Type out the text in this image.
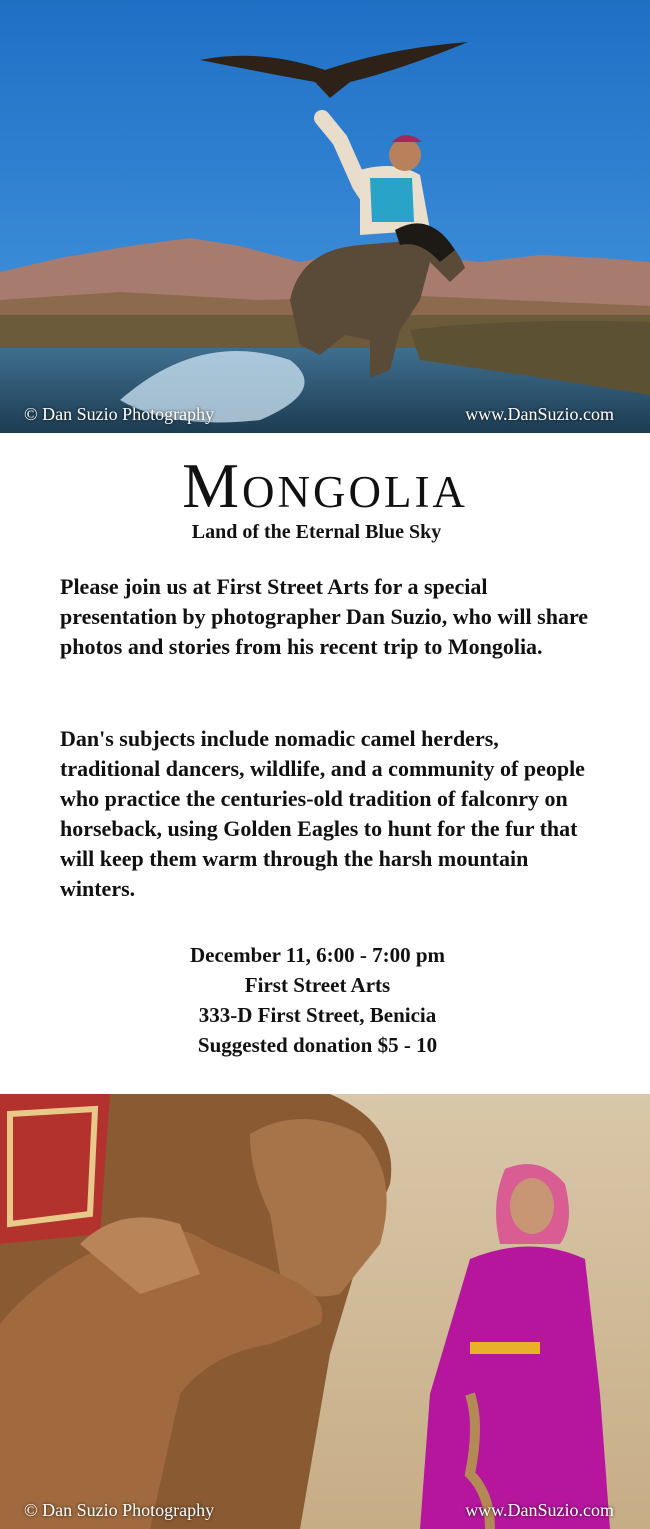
© Dan Suzio Photography	www.DanSuzio.com
Mongolia
Land of the Eternal Blue Sky

Please join us at First Street Arts for a special presentation by photographer Dan Suzio, who will share photos and stories from his recent trip to Mongolia.

Dan's subjects include nomadic camel herders, traditional dancers, wildlife, and a community of people who practice the centuries-old tradition of falconry on horseback, using Golden Eagles to hunt for the fur that will keep them warm through the harsh mountain winters.

December 11, 6:00 - 7:00 pm
First Street Arts
333-D First Street, Benicia
Suggested donation $5 - 10
© Dan Suzio Photography	www.DanSuzio.com
